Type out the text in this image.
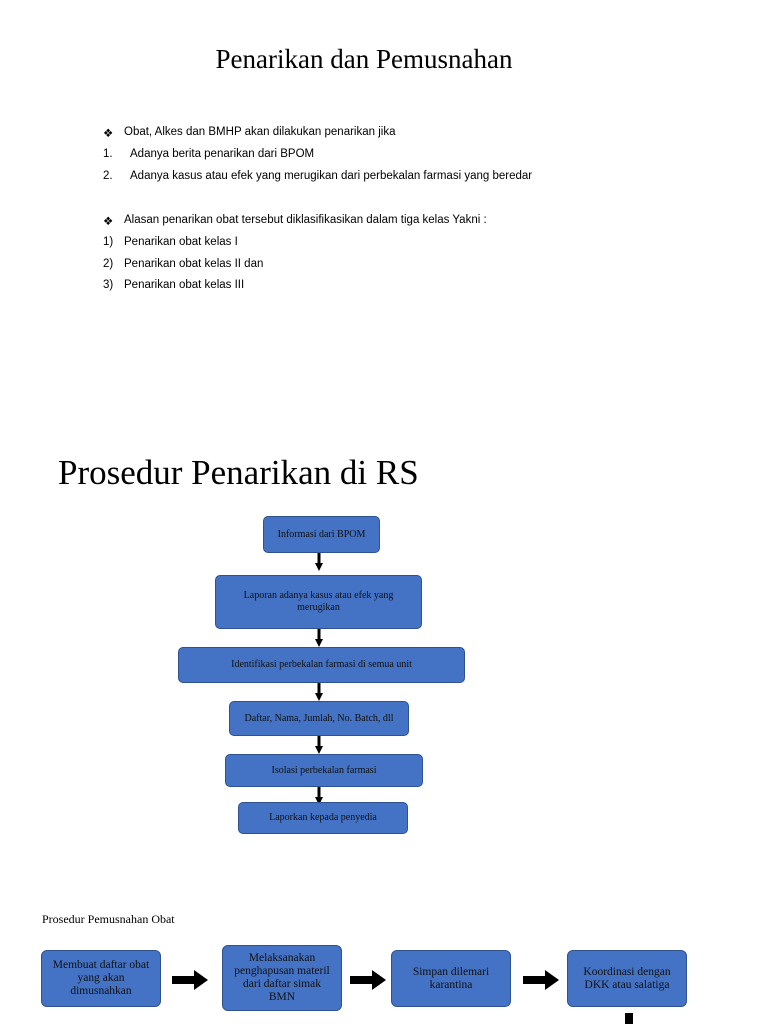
Penarikan dan Pemusnahan
❖ Obat, Alkes dan BMHP akan dilakukan penarikan jika
1. Adanya berita penarikan dari BPOM
2. Adanya kasus atau efek yang merugikan dari perbekalan farmasi yang beredar
❖ Alasan penarikan obat tersebut diklasifikasikan dalam tiga kelas Yakni :
1) Penarikan obat kelas I
2) Penarikan obat kelas II dan
3) Penarikan obat kelas III
Prosedur Penarikan di RS
Informasi dari BPOM
Laporan adanya kasus atau efek yang merugikan
Identifikasi perbekalan farmasi di semua unit
Daftar, Nama, Jumlah, No. Batch, dll
Isolasi perbekalan farmasi
Laporkan kepada penyedia
Prosedur Pemusnahan Obat
Membuat daftar obat yang akan dimusnahkan
Melaksanakan penghapusan materil dari daftar simak BMN
Simpan dilemari karantina
Koordinasi dengan DKK atau salatiga
